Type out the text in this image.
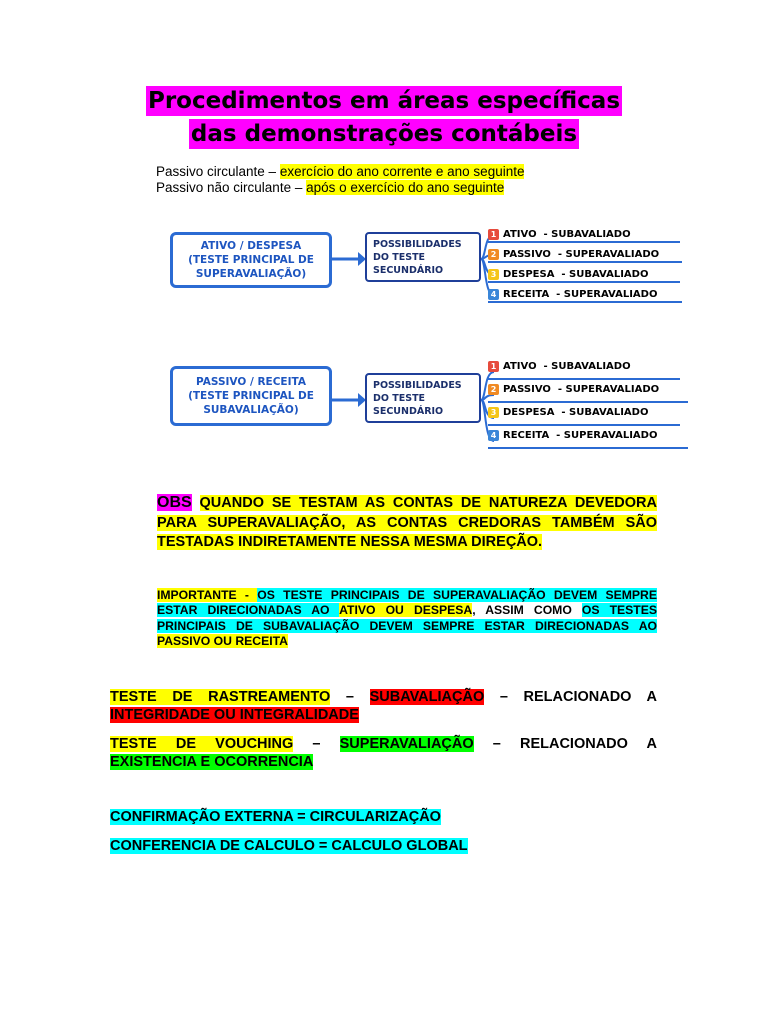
Procedimentos em áreas específicas
das demonstrações contábeis
Passivo circulante – exercício do ano corrente e ano seguinte
Passivo não circulante – após o exercício do ano seguinte
ATIVO / DESPESA
(TESTE PRINCIPAL DE
SUPERAVALIAÇÃO)
POSSIBILIDADES
DO TESTE
SECUNDÁRIO
1 ATIVO  - SUBAVALIADO
2 PASSIVO  - SUPERAVALIADO
3 DESPESA  - SUBAVALIADO
4 RECEITA  - SUPERAVALIADO
PASSIVO / RECEITA
(TESTE PRINCIPAL DE
SUBAVALIAÇÃO)
POSSIBILIDADES
DO TESTE
SECUNDÁRIO
1 ATIVO  - SUBAVALIADO
2 PASSIVO  - SUPERAVALIADO
3 DESPESA  - SUBAVALIADO
4 RECEITA  - SUPERAVALIADO
OBS QUANDO SE TESTAM AS CONTAS DE NATUREZA DEVEDORA PARA SUPERAVALIAÇÃO, AS CONTAS CREDORAS TAMBÉM SÃO TESTADAS INDIRETAMENTE NESSA MESMA DIREÇÃO.
IMPORTANTE - OS TESTE PRINCIPAIS DE SUPERAVALIAÇÃO DEVEM SEMPRE ESTAR DIRECIONADAS AO ATIVO OU DESPESA, ASSIM COMO OS TESTES PRINCIPAIS DE SUBAVALIAÇÃO DEVEM SEMPRE ESTAR DIRECIONADAS AO PASSIVO OU RECEITA
TESTE DE RASTREAMENTO – SUBAVALIAÇÃO – RELACIONADO A
INTEGRIDADE OU INTEGRALIDADE
TESTE DE VOUCHING – SUPERAVALIAÇÃO – RELACIONADO A
EXISTENCIA E OCORRENCIA
CONFIRMAÇÃO EXTERNA = CIRCULARIZAÇÃO
CONFERENCIA DE CALCULO = CALCULO GLOBAL
